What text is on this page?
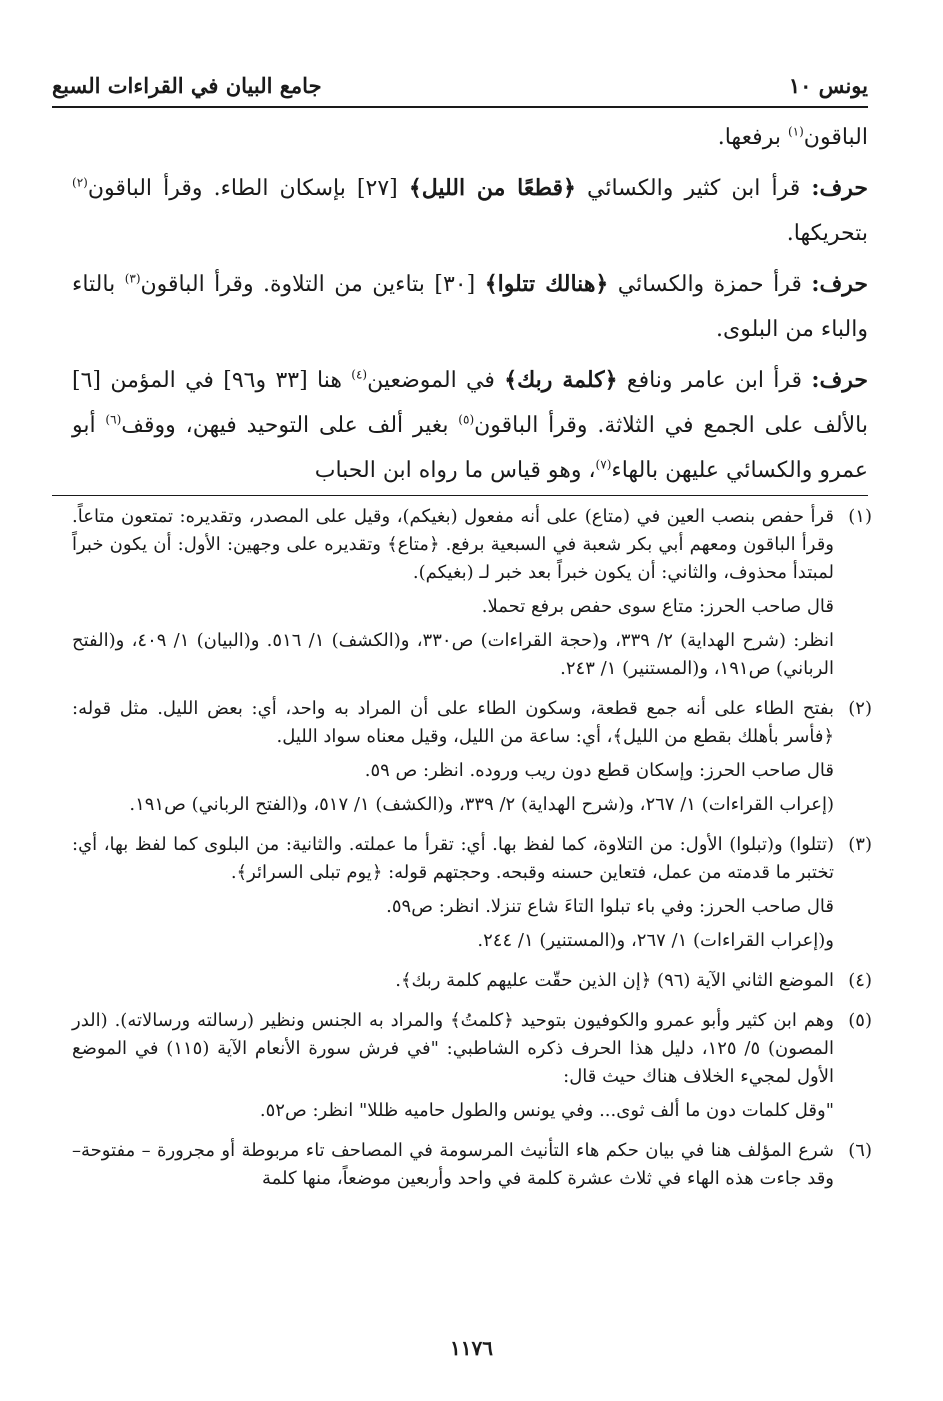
يونس ١٠
جامع البيان في القراءات السبع

الباقون$^{(١)}$ برفعها.

حرف: قرأ ابن كثير والكسائي ﴿قطعًا من الليل﴾ [٢٧] بإسكان الطاء. وقرأ الباقون$^{(٢)}$ بتحريكها.

حرف: قرأ حمزة والكسائي ﴿هنالك تتلوا﴾ [٣٠] بتاءين من التلاوة. وقرأ الباقون$^{(٣)}$ بالتاء والباء من البلوى.

حرف: قرأ ابن عامر ونافع ﴿كلمة ربك﴾ في الموضعين$^{(٤)}$ هنا [٣٣ و٩٦] في المؤمن [٦] بالألف على الجمع في الثلاثة. وقرأ الباقون$^{(٥)}$ بغير ألف على التوحيد فيهن، ووقف$^{(٦)}$ أبو عمرو والكسائي عليهن بالهاء$^{(٧)}$، وهو قياس ما رواه ابن الحباب

(١)

قرأ حفص بنصب العين في (متاع) على أنه مفعول (بغيكم)، وقيل على المصدر، وتقديره: تمتعون متاعاً. وقرأ الباقون ومعهم أبي بكر شعبة في السبعية برفع. ﴿متاع﴾ وتقديره على وجهين: الأول: أن يكون خبراً لمبتدأ محذوف، والثاني: أن يكون خبراً بعد خبر لـ (بغيكم).

قال صاحب الحرز: متاع سوى حفص برفع تحملا.

انظر: (شرح الهداية) ٢/ ٣٣٩، و(حجة القراءات) ص٣٣٠، و(الكشف) ١/ ٥١٦. و(البيان) ١/ ٤٠٩، و(الفتح الرباني) ص١٩١، و(المستنير) ١/ ٢٤٣.

(٢)

بفتح الطاء على أنه جمع قطعة، وسكون الطاء على أن المراد به واحد، أي: بعض الليل. مثل قوله: ﴿فأسر بأهلك بقطع من الليل﴾، أي: ساعة من الليل، وقيل معناه سواد الليل.

قال صاحب الحرز: وإسكان قطع دون ريب وروده. انظر: ص ٥٩.

(إعراب القراءات) ١/ ٢٦٧، و(شرح الهداية) ٢/ ٣٣٩، و(الكشف) ١/ ٥١٧، و(الفتح الرباني) ص١٩١.

(٣)

(تتلوا) و(تبلوا) الأول: من التلاوة، كما لفظ بها. أي: تقرأ ما عملته. والثانية: من البلوى كما لفظ بها، أي: تختبر ما قدمته من عمل، فتعاين حسنه وقبحه. وحجتهم قوله: ﴿يوم تبلى السرائر﴾.

قال صاحب الحرز: وفي باء تبلوا التاءَ شاع تنزلا. انظر: ص٥٩.

و(إعراب القراءات) ١/ ٢٦٧، و(المستنير) ١/ ٢٤٤.

(٤)

الموضع الثاني الآية (٩٦) ﴿إن الذين حقّت عليهم كلمة ربك﴾.

(٥)

وهم ابن كثير وأبو عمرو والكوفيون بتوحيد ﴿كلمتُ﴾ والمراد به الجنس ونظير (رسالته ورسالاته). (الدر المصون) ٥/ ١٢٥، دليل هذا الحرف ذكره الشاطبي: "في فرش سورة الأنعام الآية (١١٥) في الموضع الأول لمجيء الخلاف هناك حيث قال:

"وقل كلمات دون ما ألف ثوى... وفي يونس والطول حاميه ظللا" انظر: ص٥٢.

(٦)

شرع المؤلف هنا في بيان حكم هاء التأنيث المرسومة في المصاحف تاء مربوطة أو مجرورة – مفتوحة– وقد جاءت هذه الهاء في ثلاث عشرة كلمة في واحد وأربعين موضعاً، منها كلمة

١١٧٦
